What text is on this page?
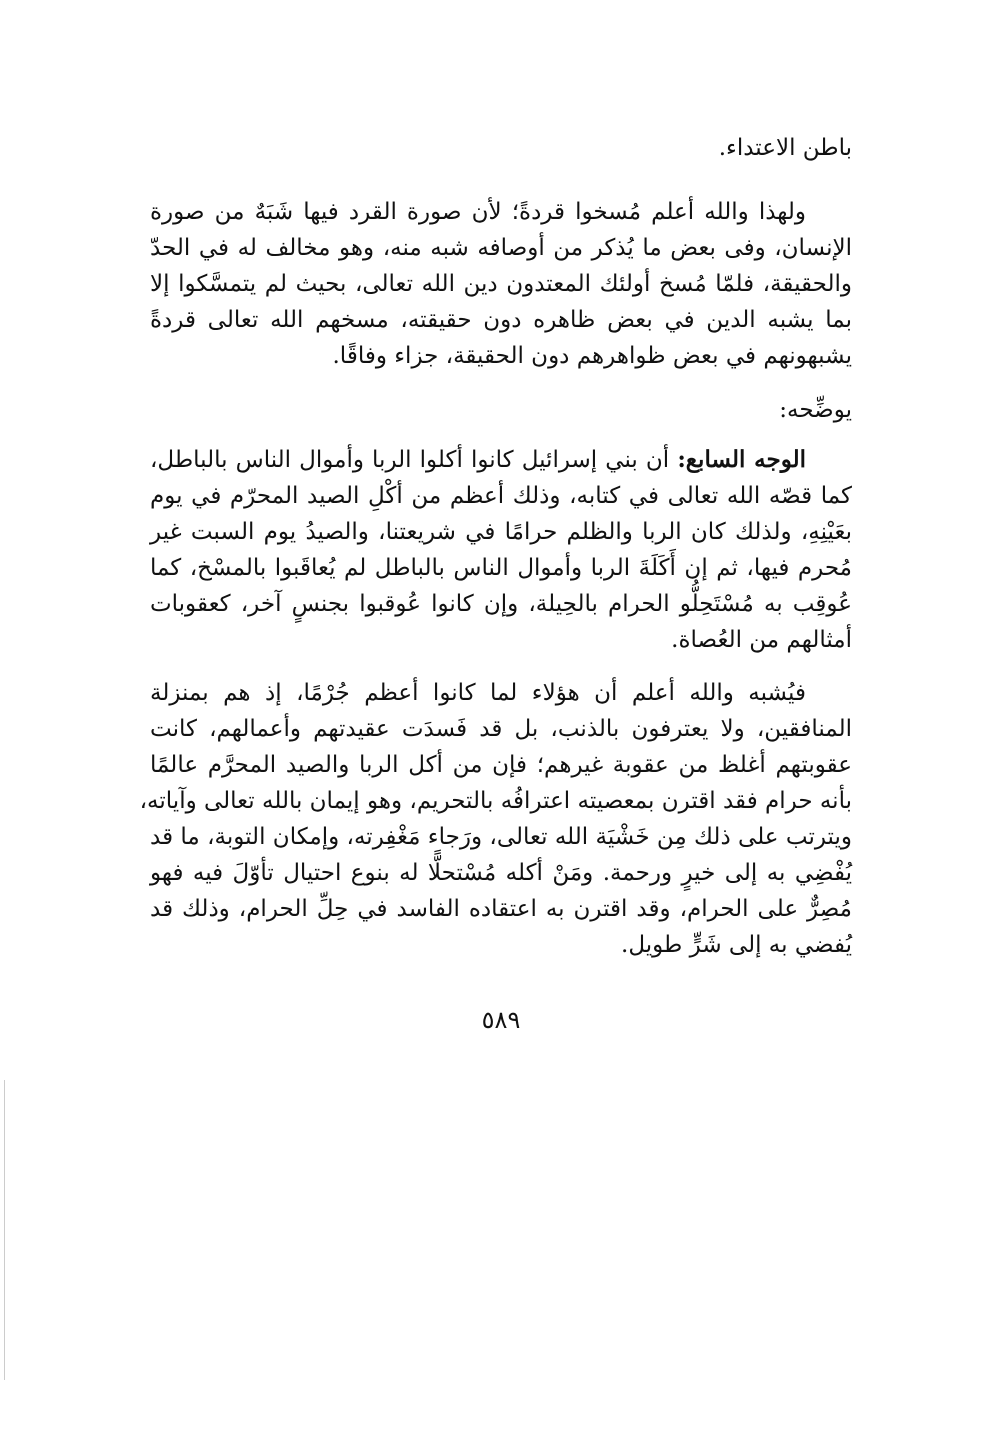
باطن الاعتداء.
ولهذا والله أعلم مُسخوا قردةً؛ لأن صورة القرد فيها شَبَهٌ من صورة
الإنسان، وفى بعض ما يُذكر من أوصافه شبه منه، وهو مخالف له في الحدّ
والحقيقة، فلمّا مُسخ أولئك المعتدون دين الله تعالى، بحيث لم يتمسَّكوا إلا
بما يشبه الدين في بعض ظاهره دون حقيقته، مسخهم الله تعالى قردةً
يشبهونهم في بعض ظواهرهم دون الحقيقة، جزاء وفاقًا.
يوضِّحه:
الوجه السابع: أن بني إسرائيل كانوا أكلوا الربا وأموال الناس بالباطل،
كما قصّه الله تعالى في كتابه، وذلك أعظم من أكْلِ الصيد المحرّم في يوم
بعَيْنِهِ، ولذلك كان الربا والظلم حرامًا في شريعتنا، والصيدُ يوم السبت غير
مُحرم فيها، ثم إن أَكَلَةَ الربا وأموال الناس بالباطل لم يُعاقَبوا بالمسْخ، كما
عُوقِب به مُسْتَحِلُّو الحرام بالحِيلة، وإن كانوا عُوقبوا بجنسٍ آخر، كعقوبات
أمثالهم من العُصاة.
فيُشبه والله أعلم أن هؤلاء لما كانوا أعظم جُرْمًا، إذ هم بمنزلة
المنافقين، ولا يعترفون بالذنب، بل قد فَسدَت عقيدتهم وأعمالهم، كانت
عقوبتهم أغلظ من عقوبة غيرهم؛ فإن من أكل الربا والصيد المحرَّم عالمًا
بأنه حرام فقد اقترن بمعصيته اعترافُه بالتحريم، وهو إيمان بالله تعالى وآياته،
ويترتب على ذلك مِن خَشْيَة الله تعالى، ورَجاء مَغْفِرته، وإمكان التوبة، ما قد
يُفْضِي به إلى خيرٍ ورحمة. ومَنْ أكله مُسْتحلًّا له بنوع احتيال تأوّلَ فيه فهو
مُصِرٌّ على الحرام، وقد اقترن به اعتقاده الفاسد في حِلِّ الحرام، وذلك قد
يُفضي به إلى شَرٍّ طويل.
٥٨٩
